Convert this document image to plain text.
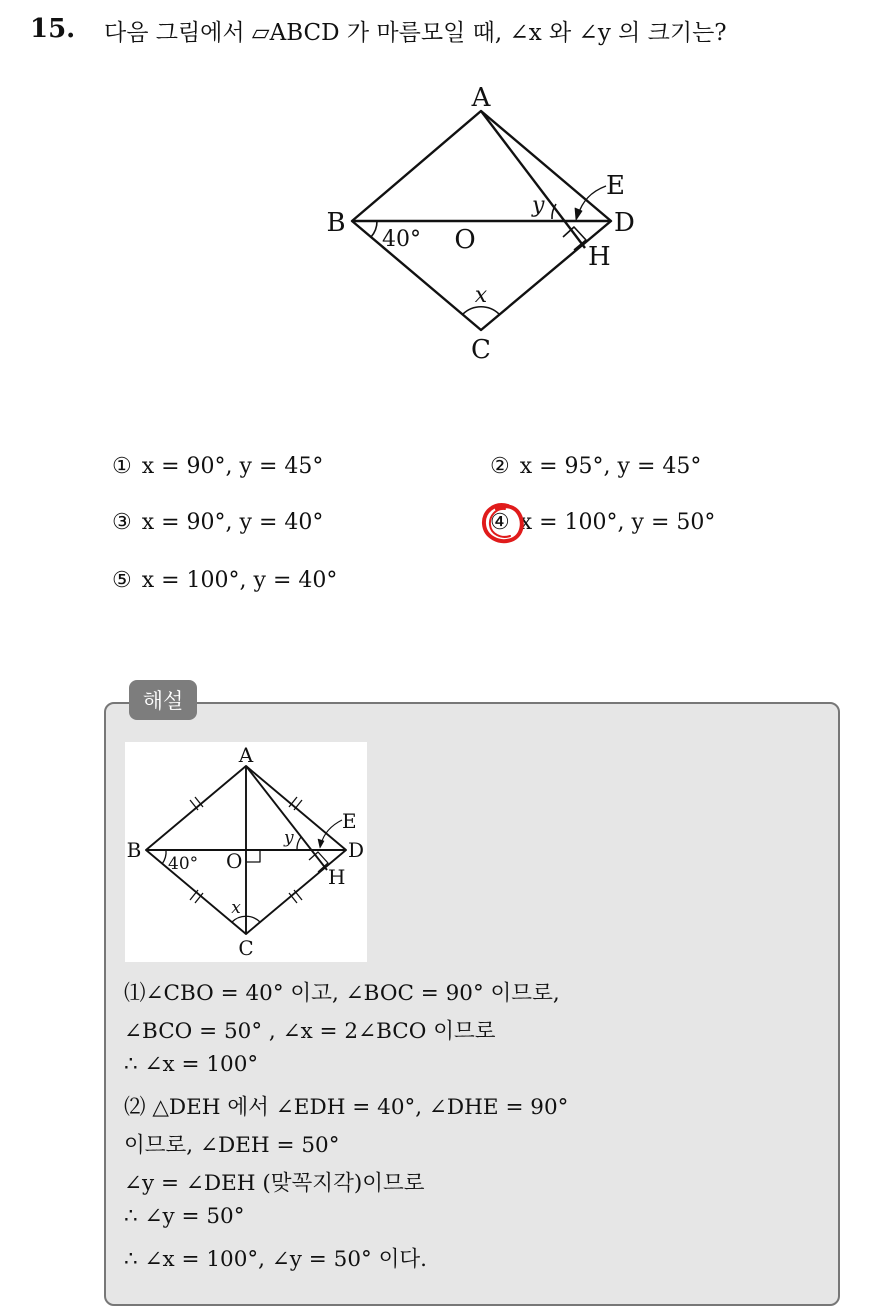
15. 다음 그림에서 ▱ABCD 가 마름모일 때, ∠x 와 ∠y 의 크기는?
A
B
C
D
E
H
O
40°
x
y
① x = 90°, y = 45°	② x = 95°, y = 45°
③ x = 90°, y = 40°	④ x = 100°, y = 50°
⑤ x = 100°, y = 40°
해설
A
B
C
D
E
H
O
40°
x
y
⑴∠CBO = 40° 이고, ∠BOC = 90° 이므로,
∠BCO = 50° , ∠x = 2∠BCO 이므로
∴ ∠x = 100°
⑵ △DEH 에서 ∠EDH = 40°, ∠DHE = 90°
이므로, ∠DEH = 50°
∠y = ∠DEH (맞꼭지각)이므로
∴ ∠y = 50°
∴ ∠x = 100°, ∠y = 50° 이다.
